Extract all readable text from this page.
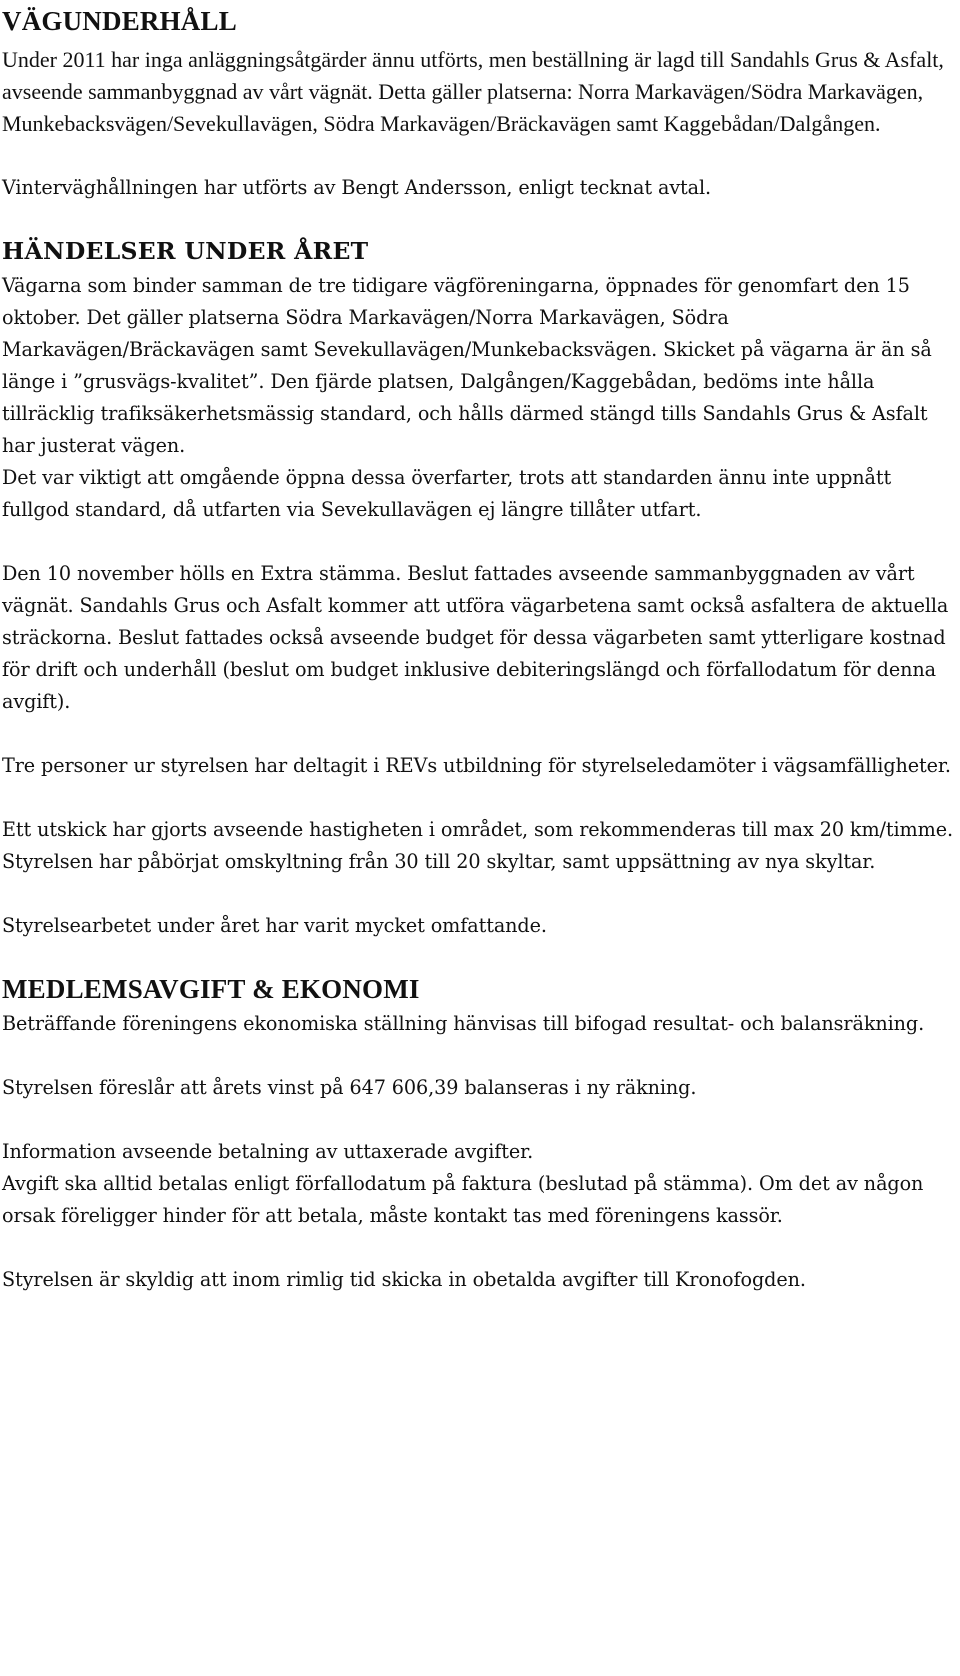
VÄGUNDERHÅLL

Under 2011 har inga anläggningsåtgärder ännu utförts, men beställning är lagd till Sandahls Grus & Asfalt, avseende sammanbyggnad av vårt vägnät. Detta gäller platserna: Norra Markavägen/Södra Markavägen, Munkebacksvägen/Sevekullavägen, Södra Markavägen/Bräckavägen samt Kaggebådan/Dalgången.

Vinterväghållningen har utförts av Bengt Andersson, enligt tecknat avtal.

HÄNDELSER UNDER ÅRET

Vägarna som binder samman de tre tidigare vägföreningarna, öppnades för genomfart den 15 oktober. Det gäller platserna Södra Markavägen/Norra Markavägen, Södra Markavägen/Bräckavägen samt Sevekullavägen/Munkebacksvägen. Skicket på vägarna är än så länge i ”grusvägs-kvalitet”. Den fjärde platsen, Dalgången/Kaggebådan, bedöms inte hålla tillräcklig trafiksäkerhetsmässig standard, och hålls därmed stängd tills Sandahls Grus & Asfalt har justerat vägen.

Det var viktigt att omgående öppna dessa överfarter, trots att standarden ännu inte uppnått fullgod standard, då utfarten via Sevekullavägen ej längre tillåter utfart.

Den 10 november hölls en Extra stämma. Beslut fattades avseende sammanbyggnaden av vårt vägnät. Sandahls Grus och Asfalt kommer att utföra vägarbetena samt också asfaltera de aktuella sträckorna. Beslut fattades också avseende budget för dessa vägarbeten samt ytterligare kostnad för drift och underhåll (beslut om budget inklusive debiteringslängd och förfallodatum för denna avgift).

Tre personer ur styrelsen har deltagit i REVs utbildning för styrelseledamöter i vägsamfälligheter.

Ett utskick har gjorts avseende hastigheten i området, som rekommenderas till max 20 km/timme. Styrelsen har påbörjat omskyltning från 30 till 20 skyltar, samt uppsättning av nya skyltar.

Styrelsearbetet under året har varit mycket omfattande.

MEDLEMSAVGIFT & EKONOMI

Beträffande föreningens ekonomiska ställning hänvisas till bifogad resultat- och balansräkning.

Styrelsen föreslår att årets vinst på 647 606,39 balanseras i ny räkning.

Information avseende betalning av uttaxerade avgifter.

Avgift ska alltid betalas enligt förfallodatum på faktura (beslutad på stämma). Om det av någon orsak föreligger hinder för att betala, måste kontakt tas med föreningens kassör.

Styrelsen är skyldig att inom rimlig tid skicka in obetalda avgifter till Kronofogden.
